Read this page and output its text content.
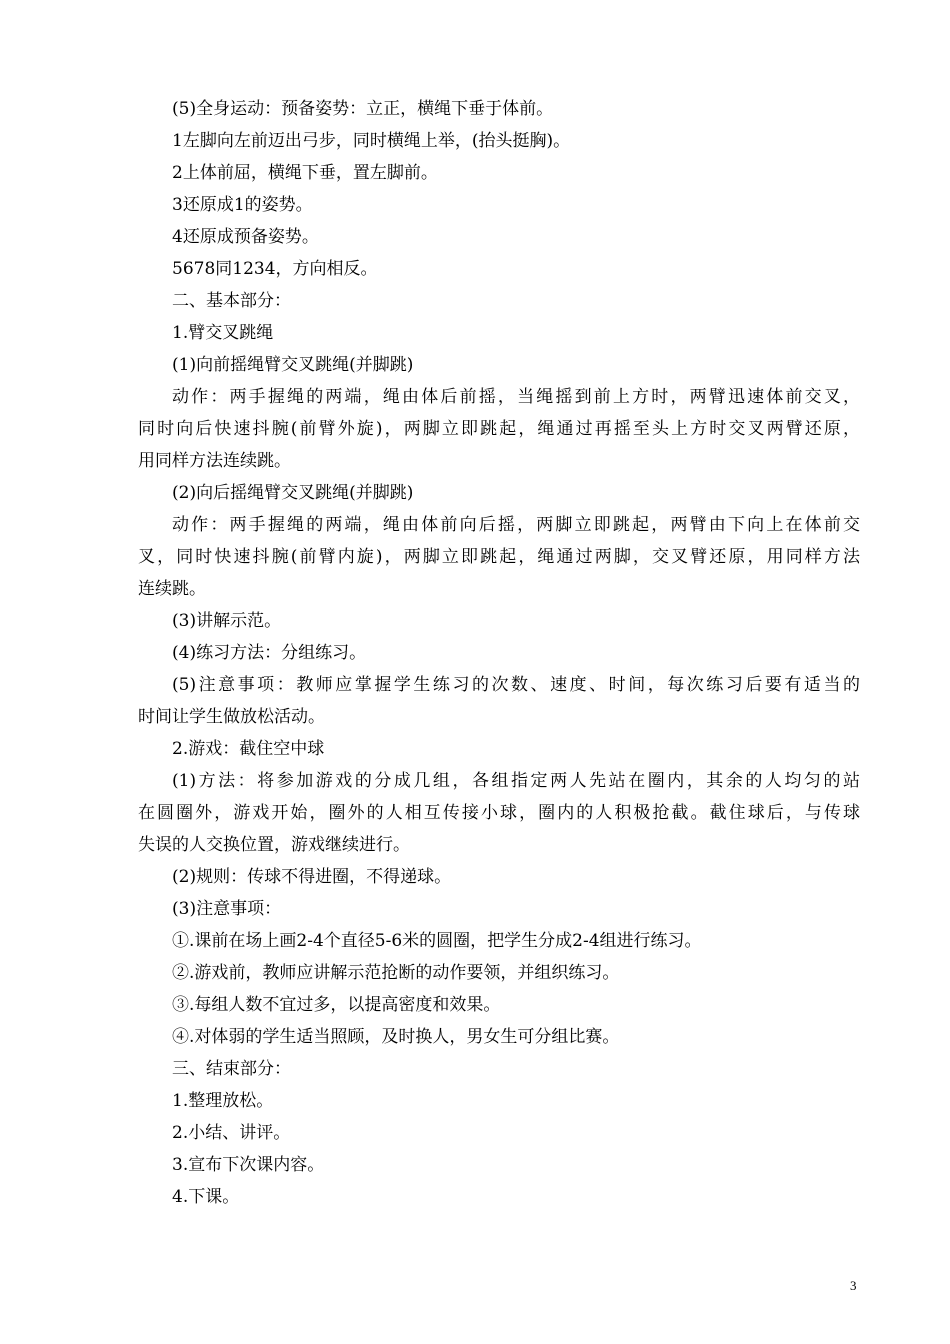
(5)全身运动：预备姿势：立正，横绳下垂于体前。

1左脚向左前迈出弓步，同时横绳上举，(抬头挺胸)。

2上体前屈，横绳下垂，置左脚前。

3还原成1的姿势。

4还原成预备姿势。

5678同1234，方向相反。

二、基本部分：

1.臂交叉跳绳

(1)向前摇绳臂交叉跳绳(并脚跳)

动作：两手握绳的两端，绳由体后前摇，当绳摇到前上方时，两臂迅速体前交叉，

同时向后快速抖腕(前臂外旋)，两脚立即跳起，绳通过再摇至头上方时交叉两臂还原，

用同样方法连续跳。

(2)向后摇绳臂交叉跳绳(并脚跳)

动作：两手握绳的两端，绳由体前向后摇，两脚立即跳起，两臂由下向上在体前交

叉，同时快速抖腕(前臂内旋)，两脚立即跳起，绳通过两脚，交叉臂还原，用同样方法

连续跳。

(3)讲解示范。

(4)练习方法：分组练习。

(5)注意事项：教师应掌握学生练习的次数、速度、时间，每次练习后要有适当的

时间让学生做放松活动。

2.游戏：截住空中球

(1)方法：将参加游戏的分成几组，各组指定两人先站在圈内，其余的人均匀的站

在圆圈外，游戏开始，圈外的人相互传接小球，圈内的人积极抢截。截住球后，与传球

失误的人交换位置，游戏继续进行。

(2)规则：传球不得进圈，不得递球。

(3)注意事项：

①.课前在场上画2-4个直径5-6米的圆圈，把学生分成2-4组进行练习。

②.游戏前，教师应讲解示范抢断的动作要领，并组织练习。

③.每组人数不宜过多，以提高密度和效果。

④.对体弱的学生适当照顾，及时换人，男女生可分组比赛。

三、结束部分：

1.整理放松。

2.小结、讲评。

3.宣布下次课内容。

4.下课。

3
